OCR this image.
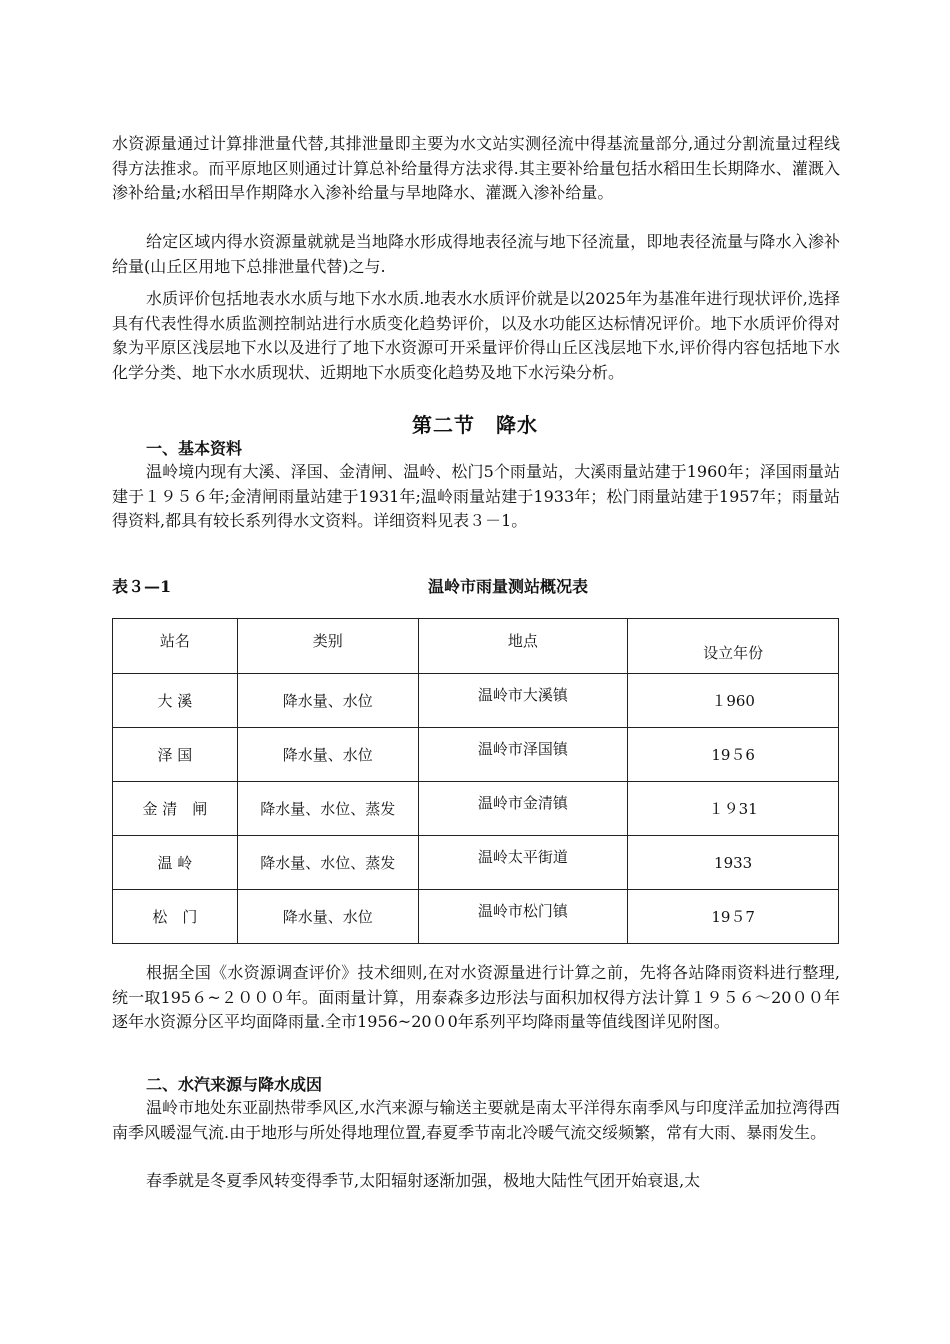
水资源量通过计算排泄量代替,其排泄量即主要为水文站实测径流中得基流量部分,通过分割流量过程线得方法推求。而平原地区则通过计算总补给量得方法求得.其主要补给量包括水稻田生长期降水、灌溉入渗补给量;水稻田旱作期降水入渗补给量与旱地降水、灌溉入渗补给量。

给定区域内得水资源量就就是当地降水形成得地表径流与地下径流量，即地表径流量与降水入渗补给量(山丘区用地下总排泄量代替)之与.

水质评价包括地表水水质与地下水水质.地表水水质评价就是以2025年为基准年进行现状评价,选择具有代表性得水质监测控制站进行水质变化趋势评价，以及水功能区达标情况评价。地下水质评价得对象为平原区浅层地下水以及进行了地下水资源可开采量评价得山丘区浅层地下水,评价得内容包括地下水化学分类、地下水水质现状、近期地下水质变化趋势及地下水污染分析。

第二节　降水
一、基本资料

温岭境内现有大溪、泽国、金清闸、温岭、松门5个雨量站，大溪雨量站建于1960年；泽国雨量站建于１９５６年;金清闸雨量站建于1931年;温岭雨量站建于1933年；松门雨量站建于1957年；雨量站得资料,都具有较长系列得水文资料。详细资料见表３－1。

表３—1	温岭市雨量测站概况表
站名	类别	地点	设立年份
大 溪	降水量、水位	温岭市大溪镇	１960
泽 国	降水量、水位	温岭市泽国镇	19５6
金 清　闸	降水量、水位、蒸发	温岭市金清镇	１９31
温 岭	降水量、水位、蒸发	温岭太平街道	1933
松　门	降水量、水位	温岭市松门镇	19５7

根据全国《水资源调查评价》技术细则,在对水资源量进行计算之前，先将各站降雨资料进行整理,统一取195６~２０００年。面雨量计算，用泰森多边形法与面积加权得方法计算１９５６～20００年逐年水资源分区平均面降雨量.全市1956~20０0年系列平均降雨量等值线图详见附图。

二、水汽来源与降水成因

温岭市地处东亚副热带季风区,水汽来源与输送主要就是南太平洋得东南季风与印度洋孟加拉湾得西南季风暖湿气流.由于地形与所处得地理位置,春夏季节南北冷暖气流交绥频繁，常有大雨、暴雨发生。

春季就是冬夏季风转变得季节,太阳辐射逐渐加强，极地大陆性气团开始衰退,太
